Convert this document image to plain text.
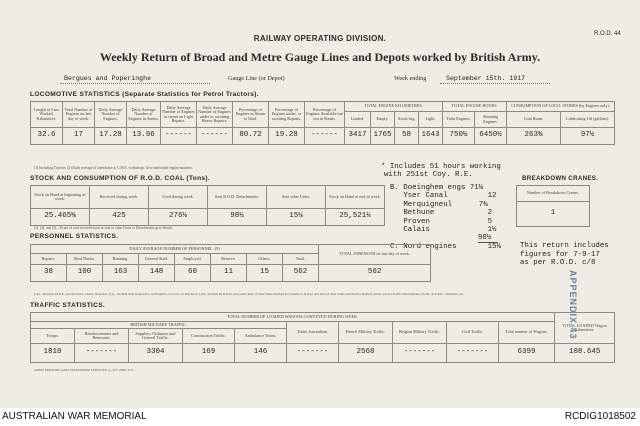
RAILWAY OPERATING DIVISION.	R.O.D. 44
Weekly Return of Broad and Metre Gauge Lines and Depots worked by British Army.
Bergues and Poperinghe	Gauge Line (or Depot)	Week ending	September 15th. 1917
LOCOMOTIVE STATISTICS (Separate Statistics for Petrol Tractors).
Length of Line Worked. Kilometres.	Total Number of Engines on last day of week.	Daily Average Number of Engines.	Daily Average Number of Engines in Steam.	Daily Average Number of Engines in steam on Light Repairs.	Daily Average Number of Engines under or awaiting Heavy Repairs.	Percentage of Engines in Steam to Total.	Percentage of Engines under, or awaiting Repairs.	Percentage of Engines Available but not in Steam.	TOTAL ENGINE KILOMETRES.				TOTAL ENGINE HOURS.		CONSUMPTION OF LOCO. STORES (by Engines only).	
									Loaded.	Empty.	Assist-ing.	Light.	Train Engines.	Shunting Engines.	Coal Burnt.	Lubricating Oil (gallons).
32.6	17	17.28	13.96	------	------	80.72	19.28	------	3417	1765	58	1643	750½	6450½	263⅝	97½
(1) Including Tractors. (2) Daily average of attendance at C.M.E. workshops. Give individual engine numbers.	* Includes 51 hours working
with 251st Coy. R.E.
STOCK AND CONSUMPTION OF R.O.D. COAL (Tons).
Stock on Hand at beginning of week.	Received during week.	Used during week.	Sent R.O.D. Detachments.	Sent other Units.	Stock on Hand at end of week.
25.465⅝	425	276⅛	98½	15⅛	25,521¼
(3), (4), and (5)—In are of coal received from or sent to other Units or Detachments give details.
B. Doeinghem engs 71⅛
Yser Canal	12
Merquigneul	7⅜
Bethune	2
Proven	5
Calais	1½
98½
C. Nord engines	15⅛
BREAKDOWN CRANES.
Number of Breakdown Cranes.
1
This return includes
figures for 7-9-17
as per R.O.D. c/8
PERSONNEL STATISTICS.
DAILY AVERAGE NUMBER OF PERSONNEL. (9)								TOTAL STRENGTH on last day of week.
Repairs.	Shed Duties.	Running.	General Staff.	Employed.	Reserve.	Others.	Total.	
38	100	163	148	60	11	15	562	562
(10)—Includes all R.E. and Attached, Clerks, Orderlies. (11)—Include Sick in Quarters, in Hospital, on Leave, in Detention. (12)—Include all R.O.D. personnel, men of other Units attached for transfer to R.O.D. and men of other Units attached for Railway Work, but not Traffic Detachments, Clerks, R.A.M.C. Orderlies, etc.
TRAFFIC STATISTICS.
TOTAL NUMBER OF LOADED WAGONS CONVEYED DURING WEEK.										TOTAL LOADED Wagon Kilometres.
BRITISH MILITARY TRAFFIC.					Trains Journalism.	French Military Traffic.	Belgian Military Traffic.	Civil Traffic.	Total number of Wagons.	
Troops.	Reinforcements and Remounts.	Supplies, Ordnance and General Traffic.	Construction Traffic.	Ambulance Trains.						
1810	-------	3304	169	146	-------	2568	-------	-------	6399	108.645
ARMY PRINTING AND STATIONERY SERVICES. G. 457. 2000. 3/17.
APPENDIX 43
AUSTRALIAN WAR MEMORIAL	RCDIG1018502
